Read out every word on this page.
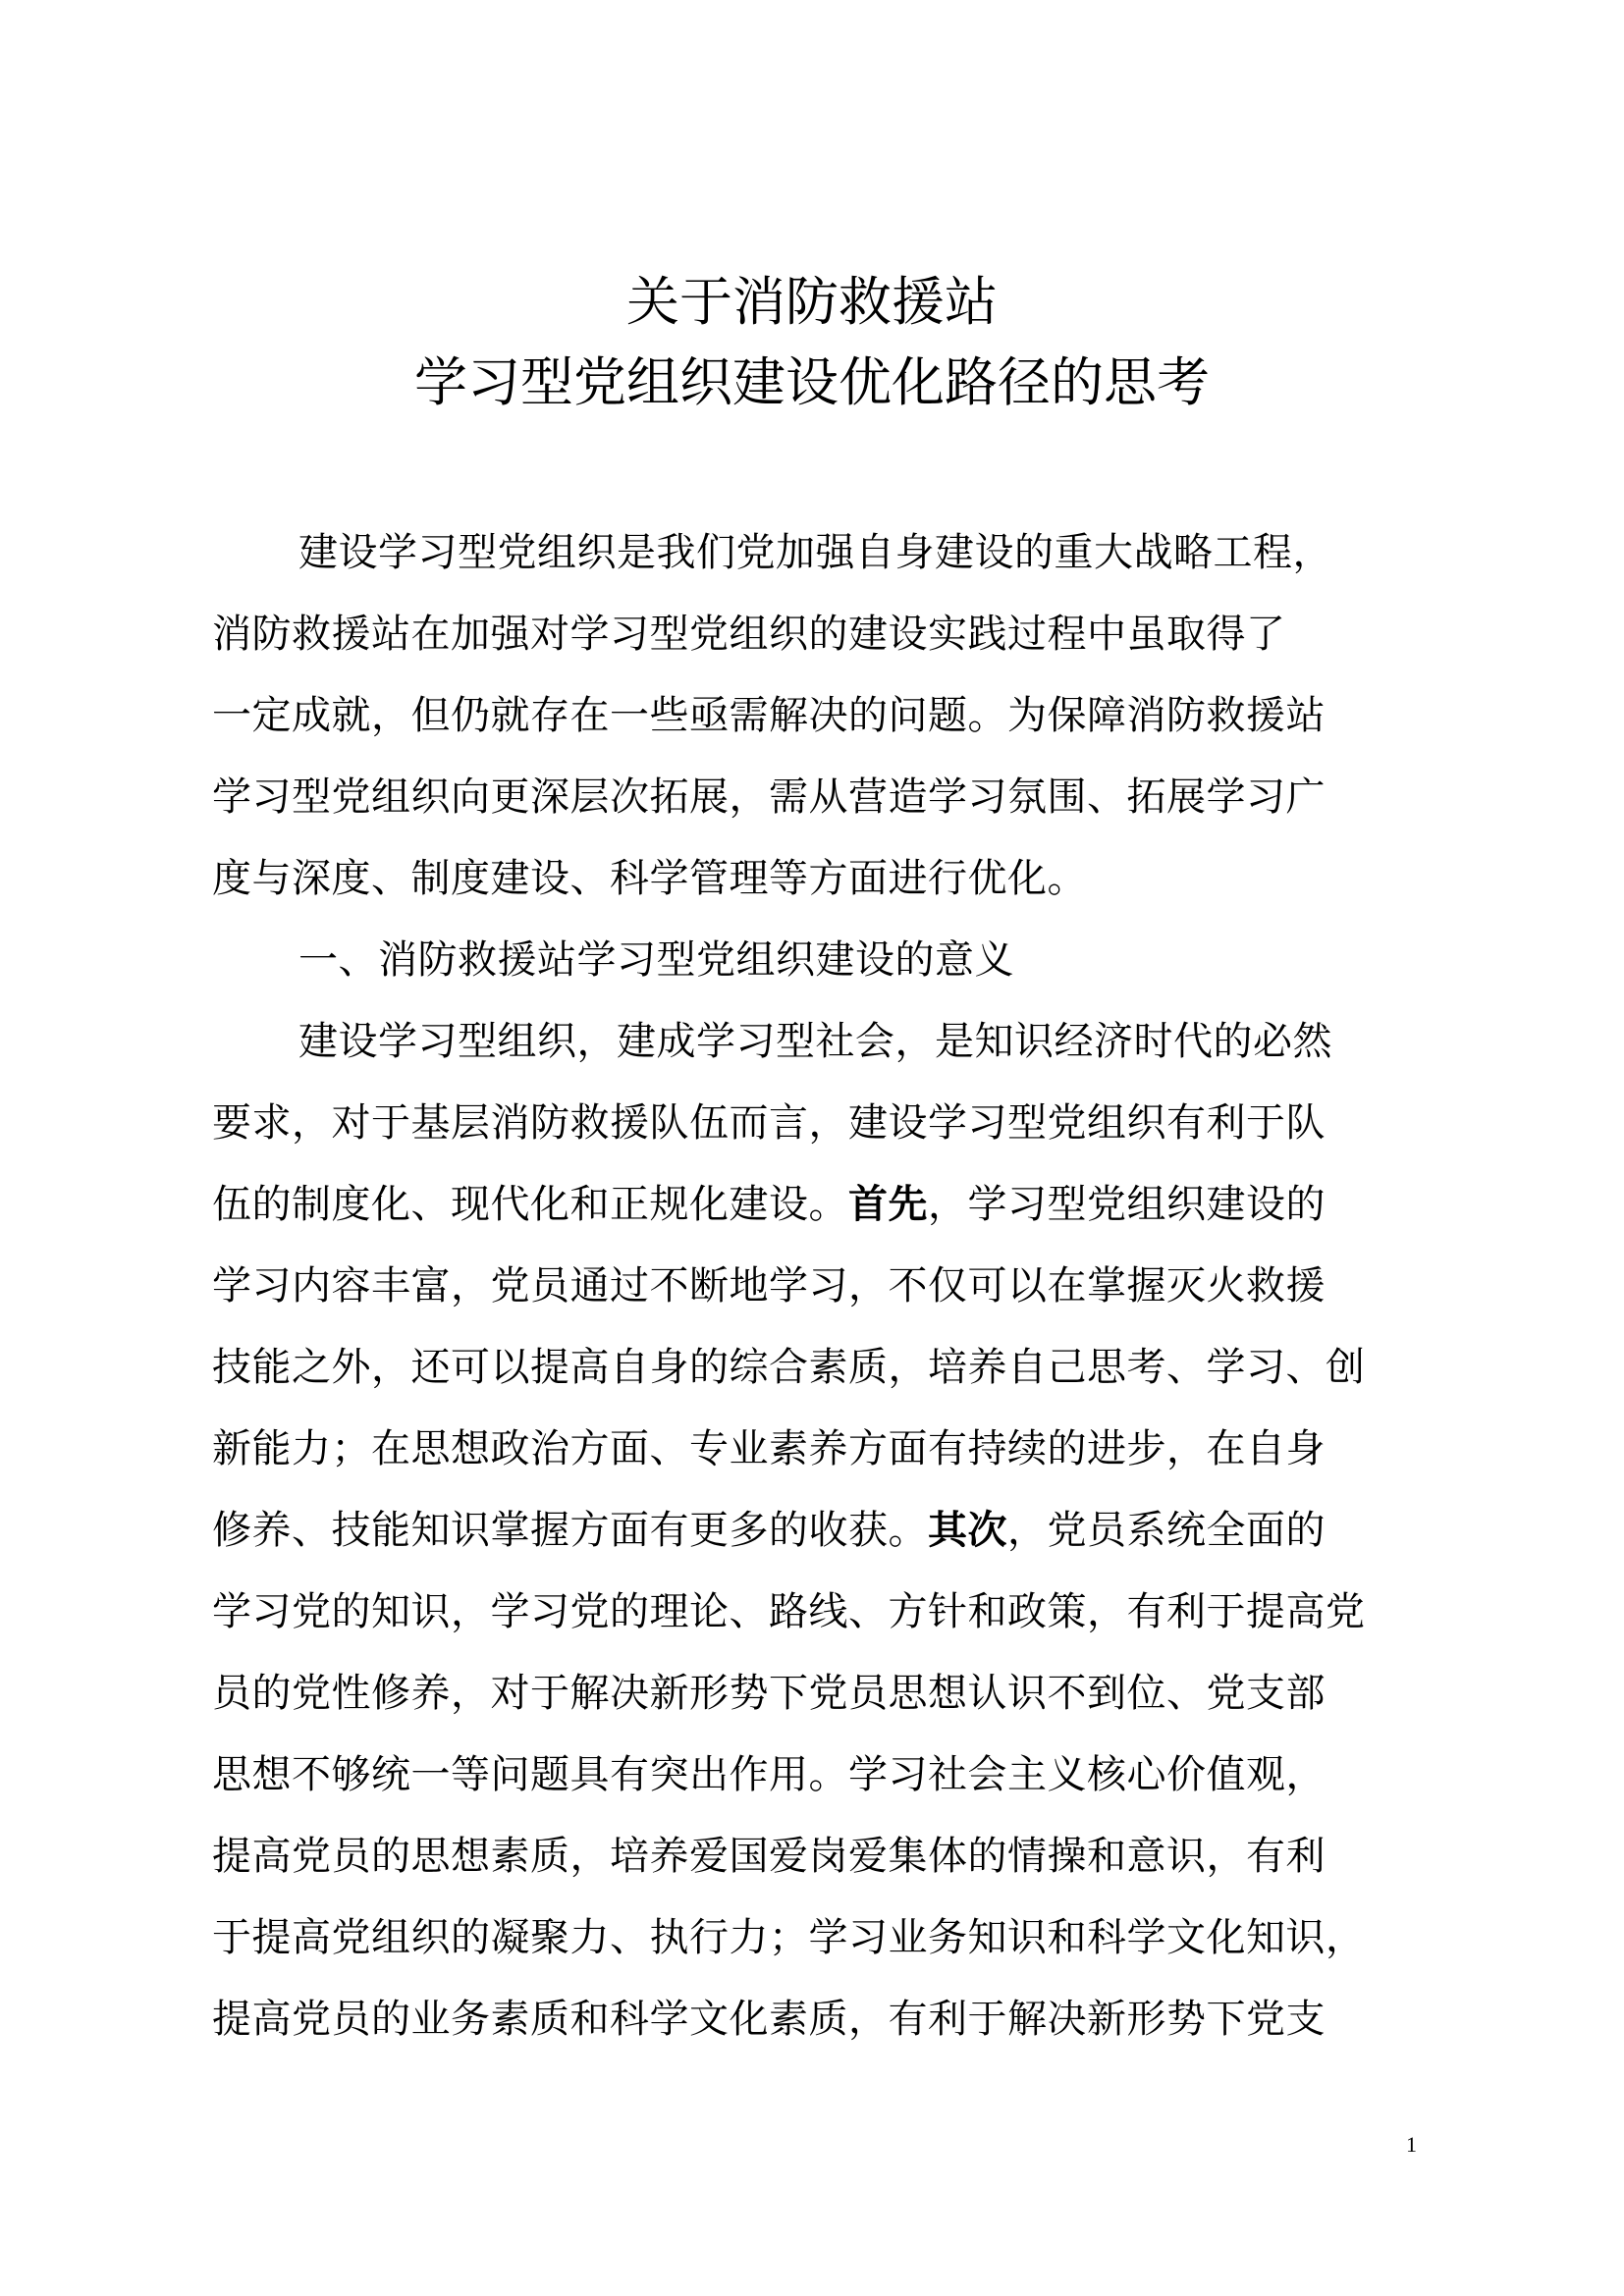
关于消防救援站
学习型党组织建设优化路径的思考
建设学习型党组织是我们党加强自身建设的重大战略工程，
消防救援站在加强对学习型党组织的建设实践过程中虽取得了
一定成就，但仍就存在一些亟需解决的问题。为保障消防救援站
学习型党组织向更深层次拓展，需从营造学习氛围、拓展学习广
度与深度、制度建设、科学管理等方面进行优化。
一、消防救援站学习型党组织建设的意义
建设学习型组织，建成学习型社会，是知识经济时代的必然
要求，对于基层消防救援队伍而言，建设学习型党组织有利于队
伍的制度化、现代化和正规化建设。首先，学习型党组织建设的
学习内容丰富，党员通过不断地学习，不仅可以在掌握灭火救援
技能之外，还可以提高自身的综合素质，培养自己思考、学习、创
新能力；在思想政治方面、专业素养方面有持续的进步，在自身
修养、技能知识掌握方面有更多的收获。其次，党员系统全面的
学习党的知识，学习党的理论、路线、方针和政策，有利于提高党
员的党性修养，对于解决新形势下党员思想认识不到位、党支部
思想不够统一等问题具有突出作用。学习社会主义核心价值观，
提高党员的思想素质，培养爱国爱岗爱集体的情操和意识，有利
于提高党组织的凝聚力、执行力；学习业务知识和科学文化知识，
提高党员的业务素质和科学文化素质，有利于解决新形势下党支
1
